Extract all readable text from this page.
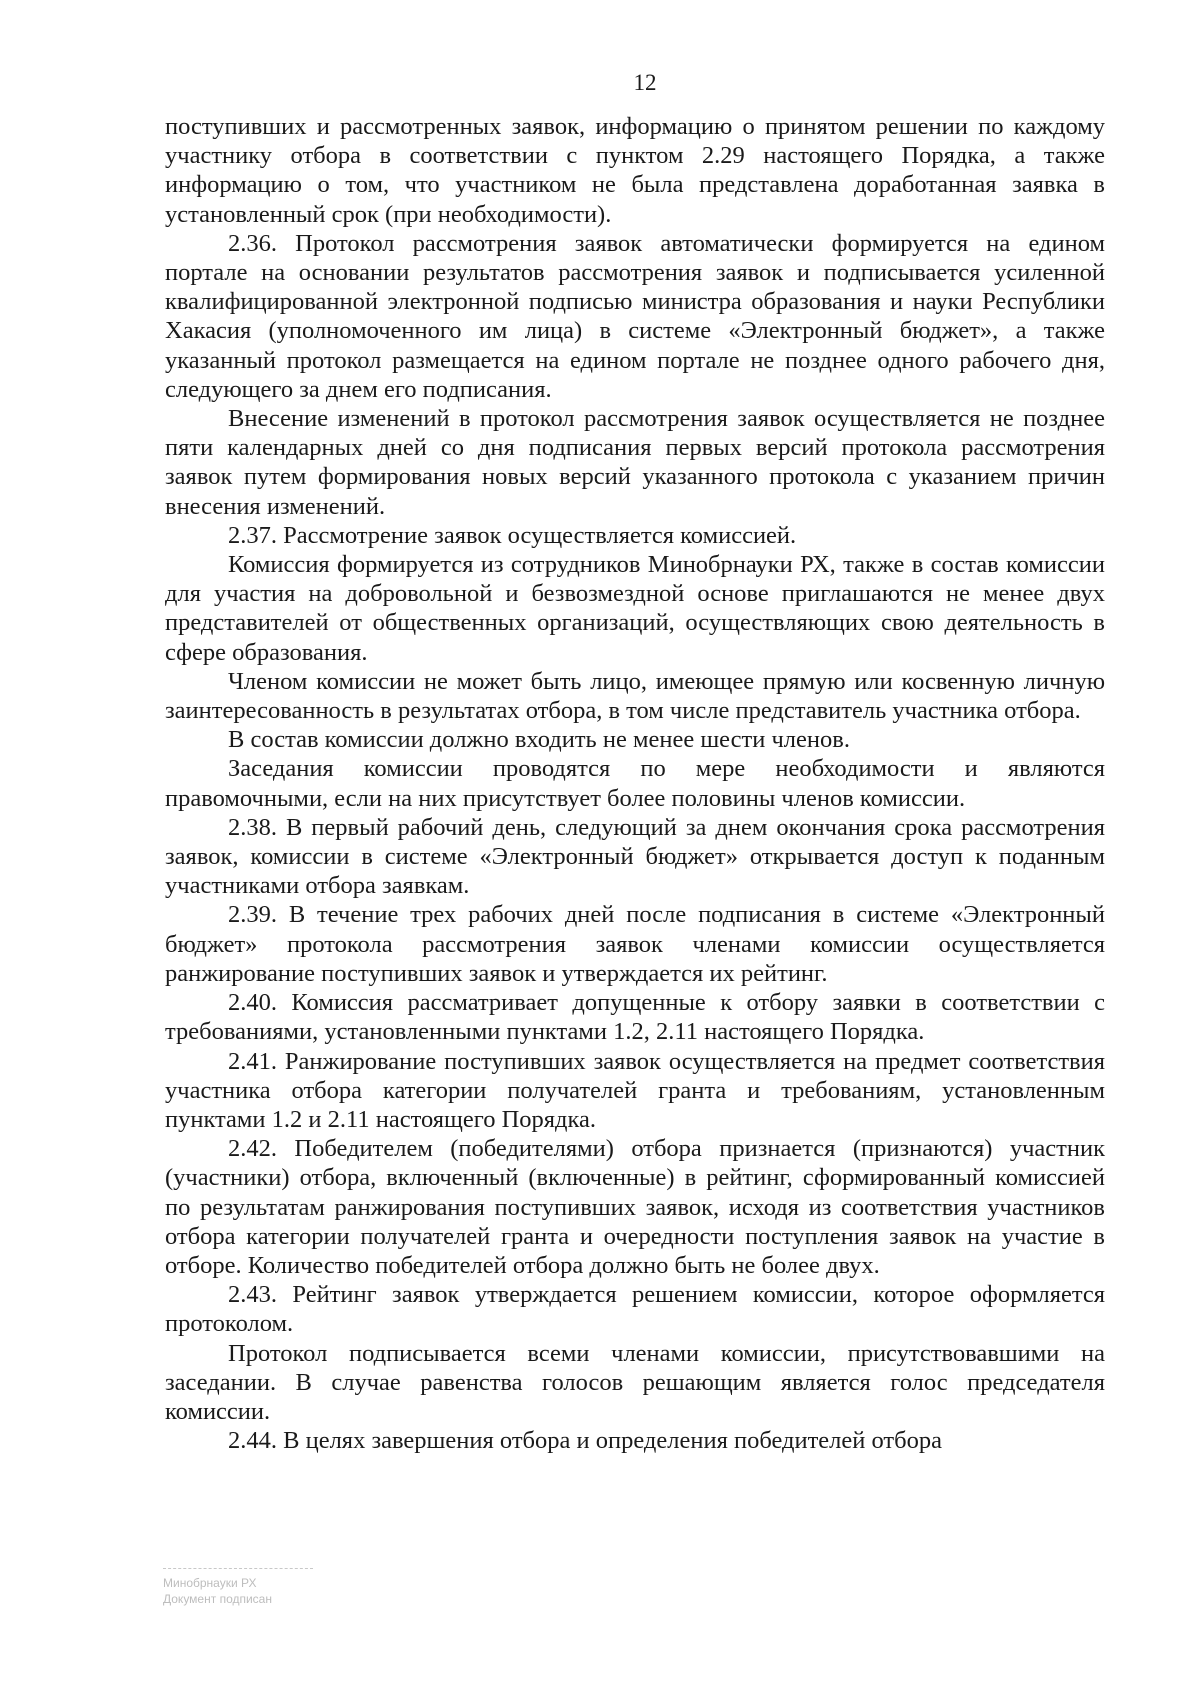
12

поступивших и рассмотренных заявок, информацию о принятом решении по каждому участнику отбора в соответствии с пунктом 2.29 настоящего Порядка, а также информацию о том, что участником не была представлена доработанная заявка в установленный срок (при необходимости).

2.36. Протокол рассмотрения заявок автоматически формируется на едином портале на основании результатов рассмотрения заявок и подписывается усиленной квалифицированной электронной подписью министра образования и науки Республики Хакасия (уполномоченного им лица) в системе «Электронный бюджет», а также указанный протокол размещается на едином портале не позднее одного рабочего дня, следующего за днем его подписания.

Внесение изменений в протокол рассмотрения заявок осуществляется не позднее пяти календарных дней со дня подписания первых версий протокола рассмотрения заявок путем формирования новых версий указанного протокола с указанием причин внесения изменений.

2.37. Рассмотрение заявок осуществляется комиссией.

Комиссия формируется из сотрудников Минобрнауки РХ, также в состав комиссии для участия на добровольной и безвозмездной основе приглашаются не менее двух представителей от общественных организаций, осуществляющих свою деятельность в сфере образования.

Членом комиссии не может быть лицо, имеющее прямую или косвенную личную заинтересованность в результатах отбора, в том числе представитель участника отбора.

В состав комиссии должно входить не менее шести членов.

Заседания комиссии проводятся по мере необходимости и являются правомочными, если на них присутствует более половины членов комиссии.

2.38. В первый рабочий день, следующий за днем окончания срока рассмотрения заявок, комиссии в системе «Электронный бюджет» открывается доступ к поданным участниками отбора заявкам.

2.39. В течение трех рабочих дней после подписания в системе «Электронный бюджет» протокола рассмотрения заявок членами комиссии осуществляется ранжирование поступивших заявок и утверждается их рейтинг.

2.40. Комиссия рассматривает допущенные к отбору заявки в соответствии с требованиями, установленными пунктами 1.2, 2.11 настоящего Порядка.

2.41. Ранжирование поступивших заявок осуществляется на предмет соответствия участника отбора категории получателей гранта и требованиям, установленным пунктами 1.2 и 2.11 настоящего Порядка.

2.42. Победителем (победителями) отбора признается (признаются) участник (участники) отбора, включенный (включенные) в рейтинг, сформированный комиссией по результатам ранжирования поступивших заявок, исходя из соответствия участников отбора категории получателей гранта и очередности поступления заявок на участие в отборе. Количество победителей отбора должно быть не более двух.

2.43. Рейтинг заявок утверждается решением комиссии, которое оформляется протоколом.

Протокол подписывается всеми членами комиссии, присутствовавшими на заседании. В случае равенства голосов решающим является голос председателя комиссии.

2.44. В целях завершения отбора и определения победителей отбора

Минобрнауки РХ
Документ подписан
